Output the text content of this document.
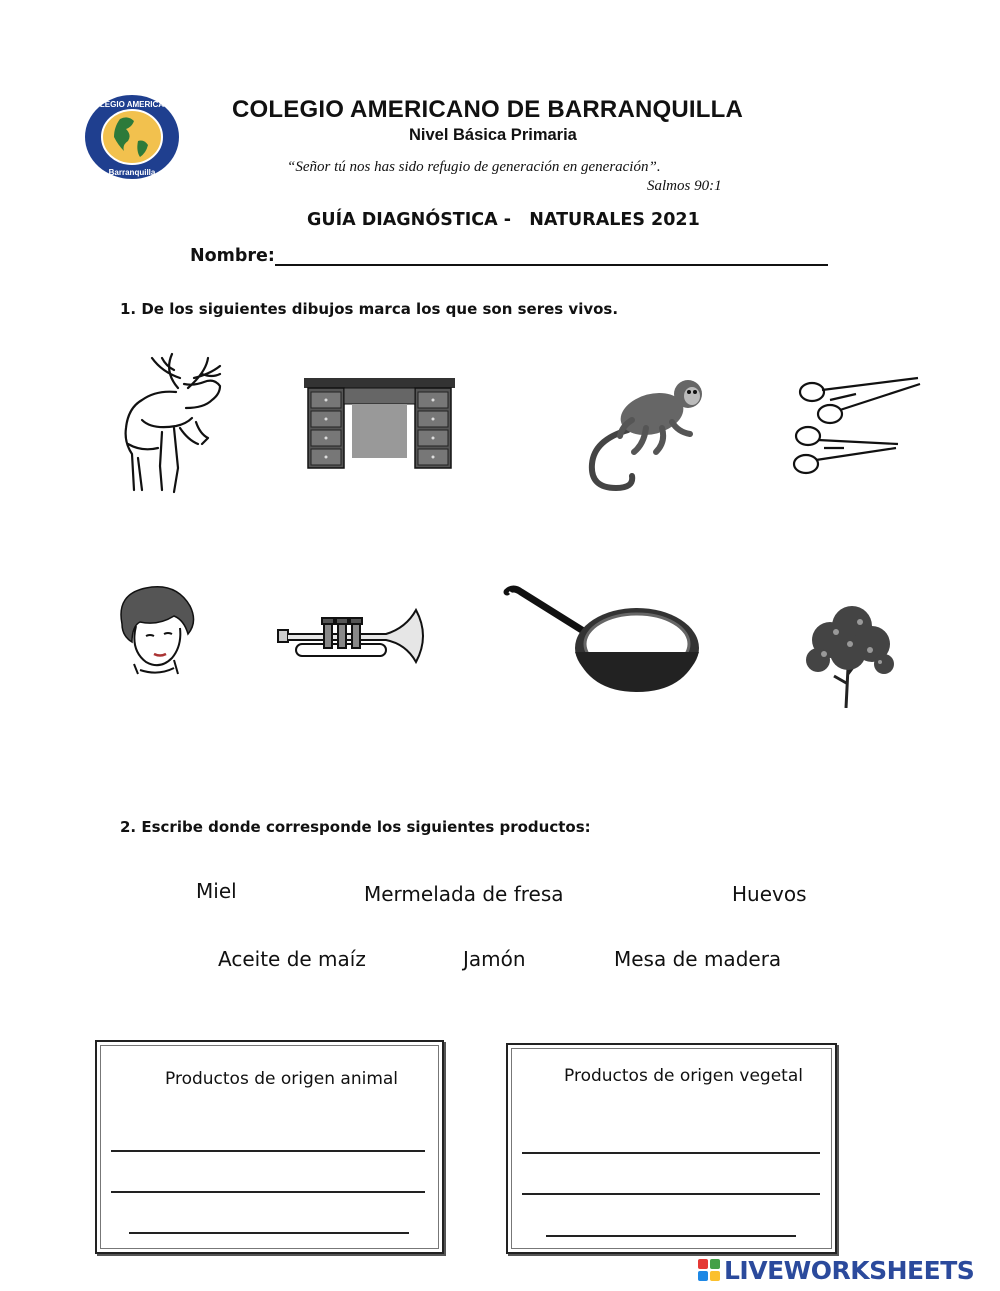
COLEGIO AMERICANO
Barranquilla
COLEGIO AMERICANO DE BARRANQUILLA
Nivel Básica Primaria
“Señor tú nos has sido refugio de generación en generación”.
Salmos 90:1
GUÍA DIAGNÓSTICA -   NATURALES 2021
Nombre:
1. De los siguientes dibujos marca los que son seres vivos.
2. Escribe donde corresponde los siguientes productos:
Miel	Mermelada de fresa	Huevos
Aceite de maíz	Jamón	Mesa de madera
Productos de origen animal	Productos de origen vegetal
LIVEWORKSHEETS
